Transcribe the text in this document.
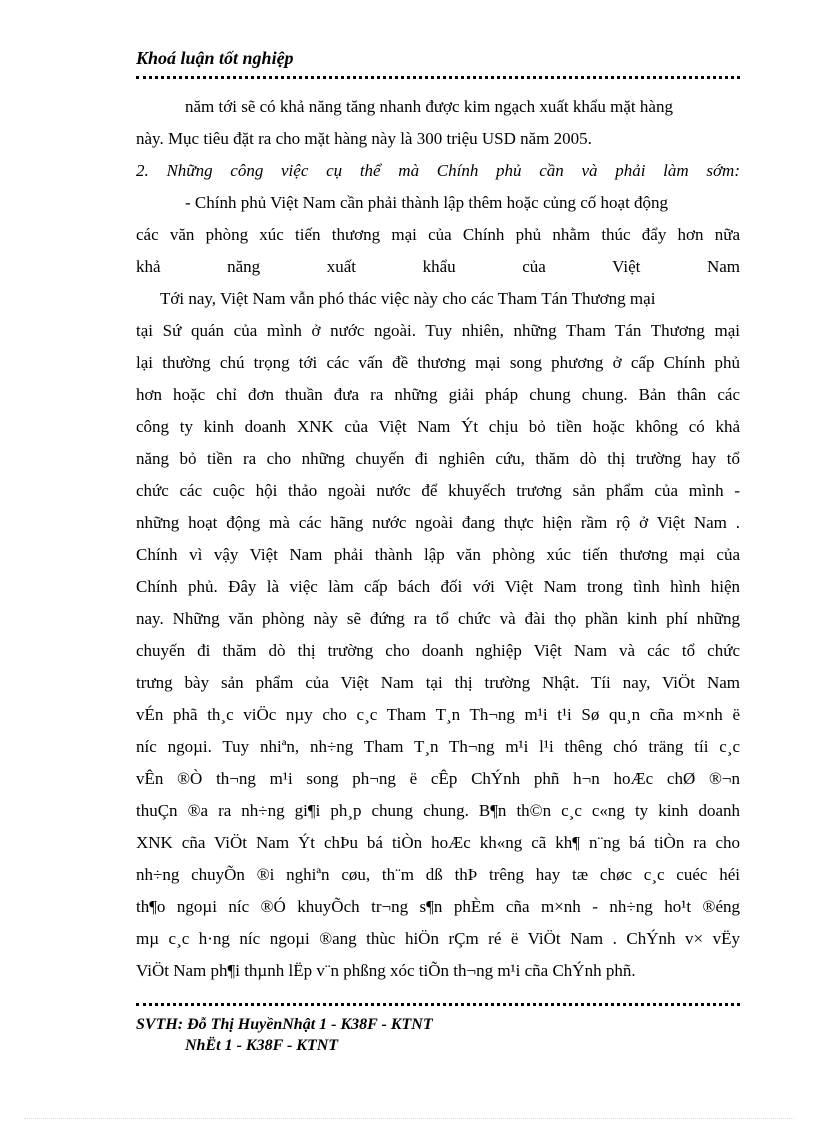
Khoá luận tốt nghiệp

năm tới sẽ có khả năng tăng nhanh được kim ngạch xuất khẩu mặt hàng

này. Mục tiêu đặt ra cho mặt hàng này là 300 triệu USD năm 2005.

2. Những công việc cụ thể mà Chính phủ cần và phải làm sớm:

- Chính phủ Việt Nam cần phải thành lập thêm hoặc củng cố hoạt động

các văn phòng xúc tiến thương mại của Chính phủ nhằm thúc đẩy hơn nữa

khả năng xuất khẩu của Việt Nam

Tới nay, Việt Nam vẫn phó thác việc này cho các Tham Tán Thương mại

tại Sứ quán của mình ở nước ngoài. Tuy nhiên, những Tham Tán Thương mại

lại thường chú trọng tới các vấn đề thương mại song phương ở cấp Chính phủ

hơn hoặc chỉ đơn thuần đưa ra những giải pháp chung chung. Bản thân các

công ty kinh doanh XNK của Việt Nam Ýt chịu bỏ tiền hoặc không có khả

năng bỏ tiền ra cho những chuyến đi nghiên cứu, thăm dò thị trường hay tổ

chức các cuộc hội thảo ngoài nước để khuyếch trương sản phẩm của mình -

những hoạt động mà các hãng nước ngoài đang thực hiện rầm rộ ở Việt Nam .

Chính vì vậy Việt Nam phải thành lập văn phòng xúc tiến thương mại của

Chính phủ. Đây là việc làm cấp bách đối với Việt Nam trong tình hình hiện

nay. Những văn phòng này sẽ đứng ra tổ chức và đài thọ phần kinh phí những

chuyến đi thăm dò thị trường cho doanh nghiệp Việt Nam và các tổ chức

trưng bày sản phẩm của Việt Nam tại thị trường Nhật. Tíi nay, ViÖt Nam

vÉn phã th¸c viÖc nµy cho c¸c Tham T¸n Th¬ng m¹i t¹i Sø qu¸n cña m×nh ë

níc ngoµi. Tuy nhiªn, nh÷ng Tham T¸n Th¬ng m¹i l¹i thêng chó träng tíi c¸c

vÊn ®Ò th¬ng m¹i song ph¬ng ë cÊp ChÝnh phñ h¬n hoÆc chØ ®¬n

thuÇn ®a ra nh÷ng gi¶i ph¸p chung chung. B¶n th©n c¸c c«ng ty kinh doanh

XNK cña ViÖt Nam Ýt chÞu bá tiÒn hoÆc kh«ng cã kh¶ n¨ng bá tiÒn ra cho

nh÷ng chuyÕn ®i nghiªn cøu, th¨m dß thÞ trêng hay tæ chøc c¸c cuéc héi

th¶o ngoµi níc ®Ó khuyÕch tr¬ng s¶n phÈm cña m×nh - nh÷ng ho¹t ®éng

mµ c¸c h·ng níc ngoµi ®ang thùc hiÖn rÇm ré ë ViÖt Nam . ChÝnh v× vËy

ViÖt Nam ph¶i thµnh lËp v¨n phßng xóc tiÕn th¬ng m¹i cña ChÝnh phñ.

SVTH: Đỗ Thị HuyềnNhật 1 - K38F - KTNT

NhËt 1 - K38F - KTNT
